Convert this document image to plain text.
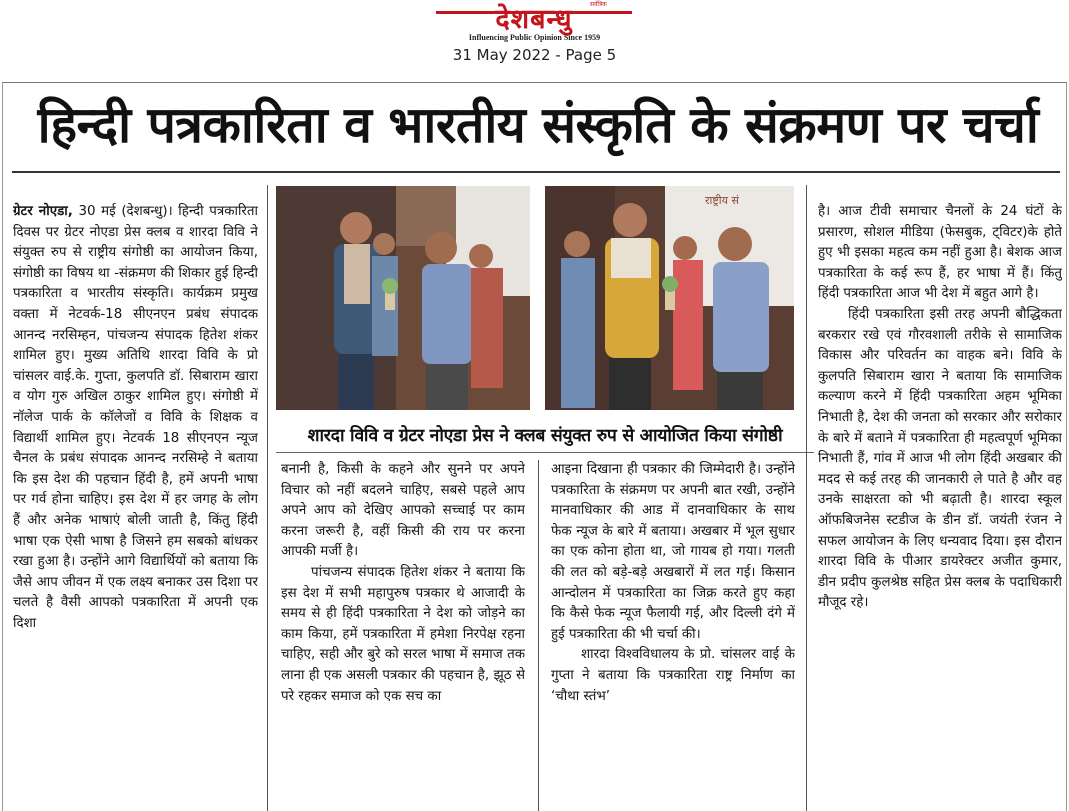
देशबन्धु	सर्वत्रिक
Influencing Public Opinion Since 1959
31 May 2022 - Page 5
हिन्दी पत्रकारिता व भारतीय संस्कृति के संक्रमण पर चर्चा

ग्रेटर नोएडा, 30 मई (देशबन्धु)। हिन्दी पत्रकारिता दिवस पर ग्रेटर नोएडा प्रेस क्लब व शारदा विवि ने संयुक्त रुप से राष्ट्रीय संगोष्ठी का आयोजन किया, संगोष्ठी का विषय था -संक्रमण की शिकार हुई हिन्दी पत्रकारिता व भारतीय संस्कृति। कार्यक्रम प्रमुख वक्ता में नेटवर्क-18 सीएनएन प्रबंध संपादक आनन्द नरसिम्हन, पांचजन्य संपादक हितेश शंकर शामिल हुए। मुख्य अतिथि शारदा विवि के प्रो चांसलर वाई.के. गुप्ता, कुलपति डॉ. सिबाराम खारा व योग गुरु अखिल ठाकुर शामिल हुए। संगोष्ठी में नॉलेज पार्क के कॉलेजों व विवि के शिक्षक व विद्यार्थी शामिल हुए। नेटवर्क 18 सीएनएन न्यूज चैनल के प्रबंध संपादक आनन्द नरसिम्हे ने बताया कि इस देश की पहचान हिंदी है, हमें अपनी भाषा पर गर्व होना चाहिए। इस देश में हर जगह के लोग हैं और अनेक भाषाएं बोली जाती है, किंतु हिंदी भाषा एक ऐसी भाषा है जिसने हम सबको बांधकर रखा हुआ है। उन्होंने आगे विद्यार्थियों को बताया कि जैसे आप जीवन में एक लक्ष्य बनाकर उस दिशा पर चलते है वैसी आपको पत्रकारिता में अपनी एक दिशा

राष्ट्रीय सं
शारदा विवि व ग्रेटर नोएडा प्रेस ने क्लब संयुक्त रुप से आयोजित किया संगोष्ठी

बनानी है, किसी के कहने और सुनने पर अपने विचार को नहीं बदलने चाहिए, सबसे पहले आप अपने आप को देखिए आपको सच्चाई पर काम करना जरूरी है, वहीं किसी की राय पर करना आपकी मर्जी है।

पांचजन्य संपादक हितेश शंकर ने बताया कि इस देश में सभी महापुरुष पत्रकार थे आजादी के समय से ही हिंदी पत्रकारिता ने देश को जोड़ने का काम किया, हमें पत्रकारिता में हमेशा निरपेक्ष रहना चाहिए, सही और बुरे को सरल भाषा में समाज तक लाना ही एक असली पत्रकार की पहचान है, झूठ से परे रहकर समाज को एक सच का

आइना दिखाना ही पत्रकार की जिम्मेदारी है। उन्होंने पत्रकारिता के संक्रमण पर अपनी बात रखी, उन्होंने मानवाधिकार की आड में दानवाधिकार के साथ फेक न्यूज के बारे में बताया। अखबार में भूल सुधार का एक कोना होता था, जो गायब हो गया। गलती की लत को बड़े-बड़े अखबारों में लत गई। किसान आन्दोलन में पत्रकारिता का जिक्र करते हुए कहा कि कैसे फेक न्यूज फैलायी गई, और दिल्ली दंगे में हुई पत्रकारिता की भी चर्चा की।

शारदा विश्वविधालय के प्रो. चांसलर वाई के गुप्ता ने बताया कि पत्रकारिता राष्ट्र निर्माण का ‘चौथा स्तंभ’

है। आज टीवी समाचार चैनलों के 24 घंटों के प्रसारण, सोशल मीडिया (फेसबुक, ट्विटर)के होते हुए भी इसका महत्व कम नहीं हुआ है। बेशक आज पत्रकारिता के कई रूप हैं, हर भाषा में हैं। किंतु हिंदी पत्रकारिता आज भी देश में बहुत आगे है।

हिंदी पत्रकारिता इसी तरह अपनी बौद्धिकता बरकरार रखे एवं गौरवशाली तरीके से सामाजिक विकास और परिवर्तन का वाहक बने। विवि के कुलपति सिबाराम खारा ने बताया कि सामाजिक कल्याण करने में हिंदी पत्रकारिता अहम भूमिका निभाती है, देश की जनता को सरकार और सरोकार के बारे में बताने में पत्रकारिता ही महत्वपूर्ण भूमिका निभाती हैं, गांव में आज भी लोग हिंदी अखबार की मदद से कई तरह की जानकारी ले पाते है और वह उनके साक्षरता को भी बढ़ाती है। शारदा स्कूल ऑफबिजनेस स्टडीज के डीन डॉ. जयंती रंजन ने सफल आयोजन के लिए धन्यवाद दिया। इस दौरान शारदा विवि के पीआर डायरेक्टर अजीत कुमार, डीन प्रदीप कुलश्रेष्ठ सहित प्रेस क्लब के पदाधिकारी मौजूद रहे।
